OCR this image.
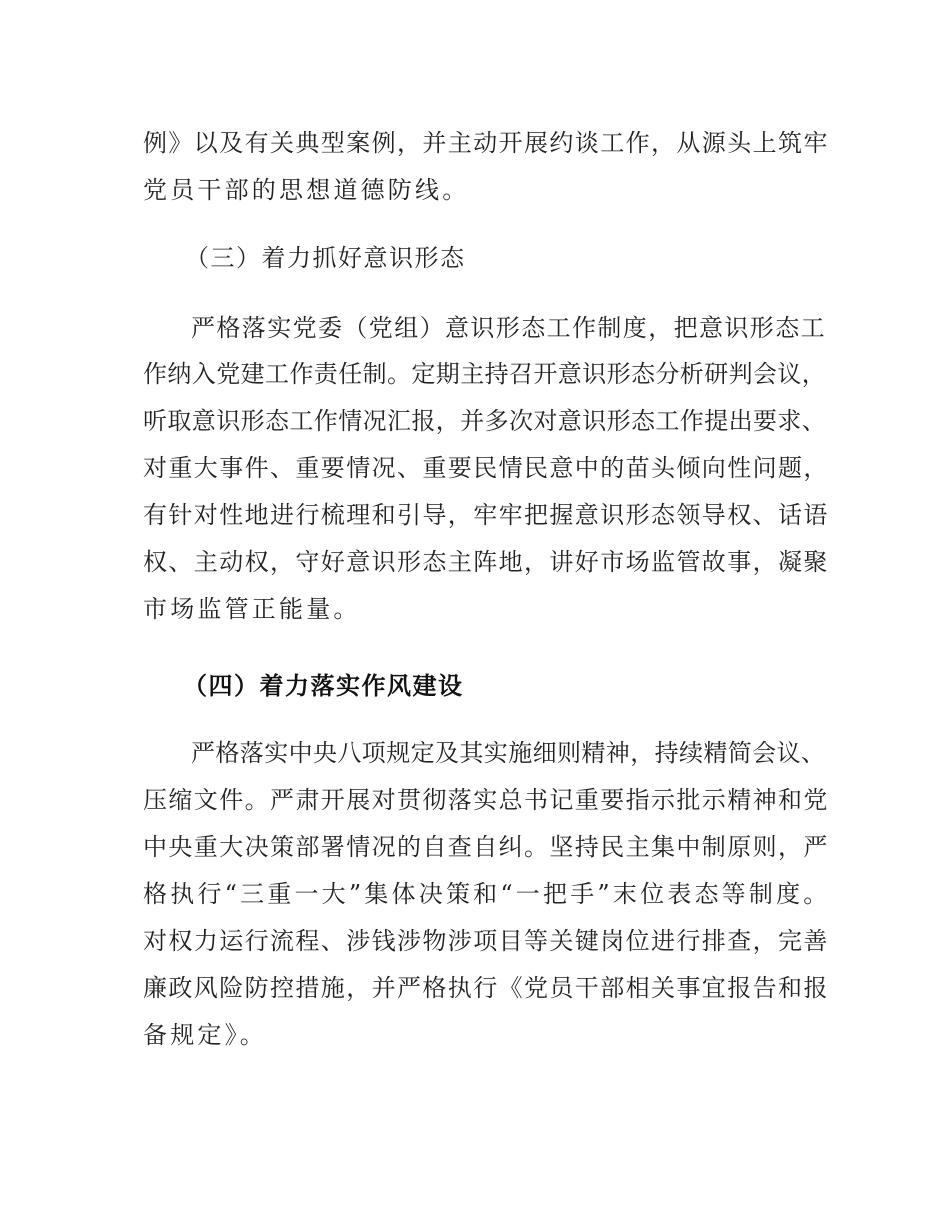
例》以及有关典型案例，并主动开展约谈工作，从源头上筑牢
党员干部的思想道德防线。
（三）着力抓好意识形态
严格落实党委（党组）意识形态工作制度，把意识形态工
作纳入党建工作责任制。定期主持召开意识形态分析研判会议，
听取意识形态工作情况汇报，并多次对意识形态工作提出要求、
对重大事件、重要情况、重要民情民意中的苗头倾向性问题，
有针对性地进行梳理和引导，牢牢把握意识形态领导权、话语
权、主动权，守好意识形态主阵地，讲好市场监管故事，凝聚
市场监管正能量。
（四）着力落实作风建设
严格落实中央八项规定及其实施细则精神，持续精简会议、
压缩文件。严肃开展对贯彻落实总书记重要指示批示精神和党
中央重大决策部署情况的自查自纠。坚持民主集中制原则，严
格执行“三重一大”集体决策和“一把手”末位表态等制度。
对权力运行流程、涉钱涉物涉项目等关键岗位进行排查，完善
廉政风险防控措施，并严格执行《党员干部相关事宜报告和报
备规定》。
